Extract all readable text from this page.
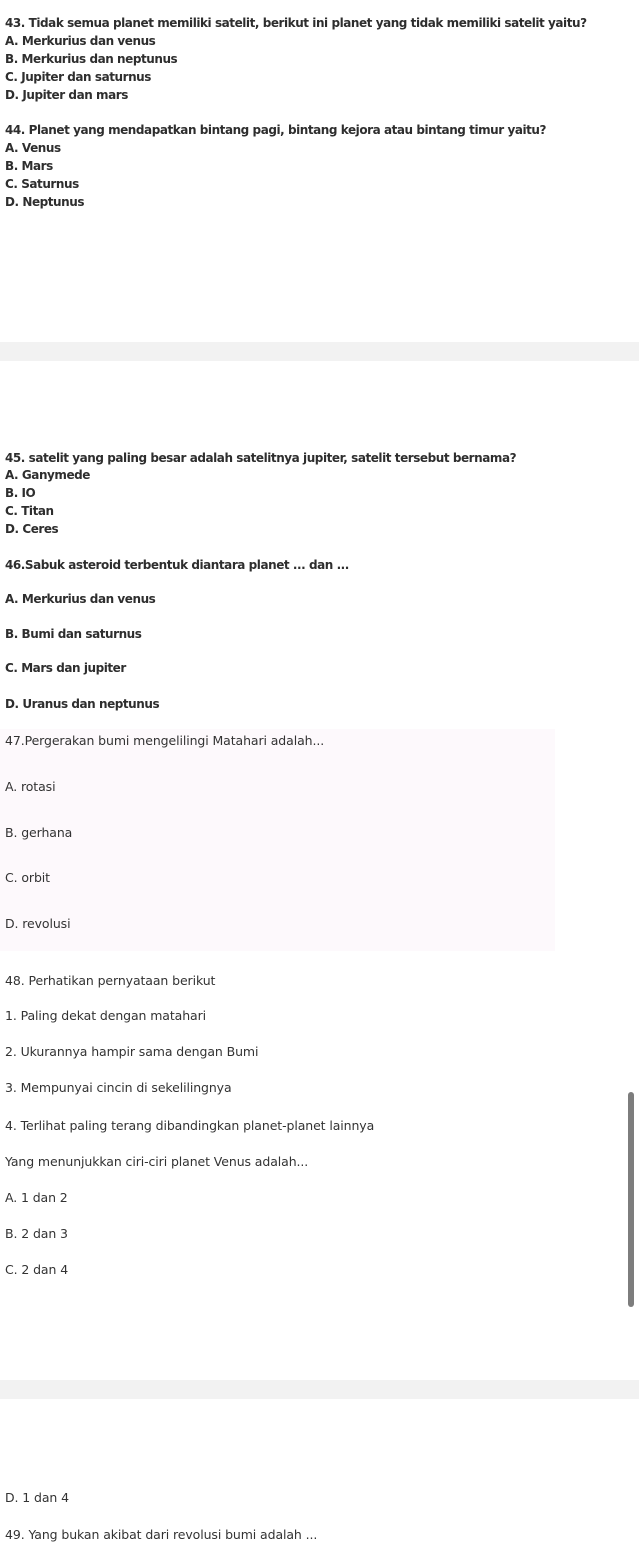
43. Tidak semua planet memiliki satelit, berikut ini planet yang tidak memiliki satelit yaitu?
A. Merkurius dan venus
B. Merkurius dan neptunus
C. Jupiter dan saturnus
D. Jupiter dan mars
44. Planet yang mendapatkan bintang pagi, bintang kejora atau bintang timur yaitu?
A. Venus
B. Mars
C. Saturnus
D. Neptunus
45. satelit yang paling besar adalah satelitnya jupiter, satelit tersebut bernama?
A. Ganymede
B. IO
C. Titan
D. Ceres
46.Sabuk asteroid terbentuk diantara planet ... dan ...
A. Merkurius dan venus
B. Bumi dan saturnus
C. Mars dan jupiter
D. Uranus dan neptunus
47.Pergerakan bumi mengelilingi Matahari adalah...
A. rotasi
B. gerhana
C. orbit
D. revolusi
48. Perhatikan pernyataan berikut
1. Paling dekat dengan matahari
2. Ukurannya hampir sama dengan Bumi
3. Mempunyai cincin di sekelilingnya
4. Terlihat paling terang dibandingkan planet-planet lainnya
Yang menunjukkan ciri-ciri planet Venus adalah...
A. 1 dan 2
B. 2 dan 3
C. 2 dan 4
D. 1 dan 4
49. Yang bukan akibat dari revolusi bumi adalah ...
